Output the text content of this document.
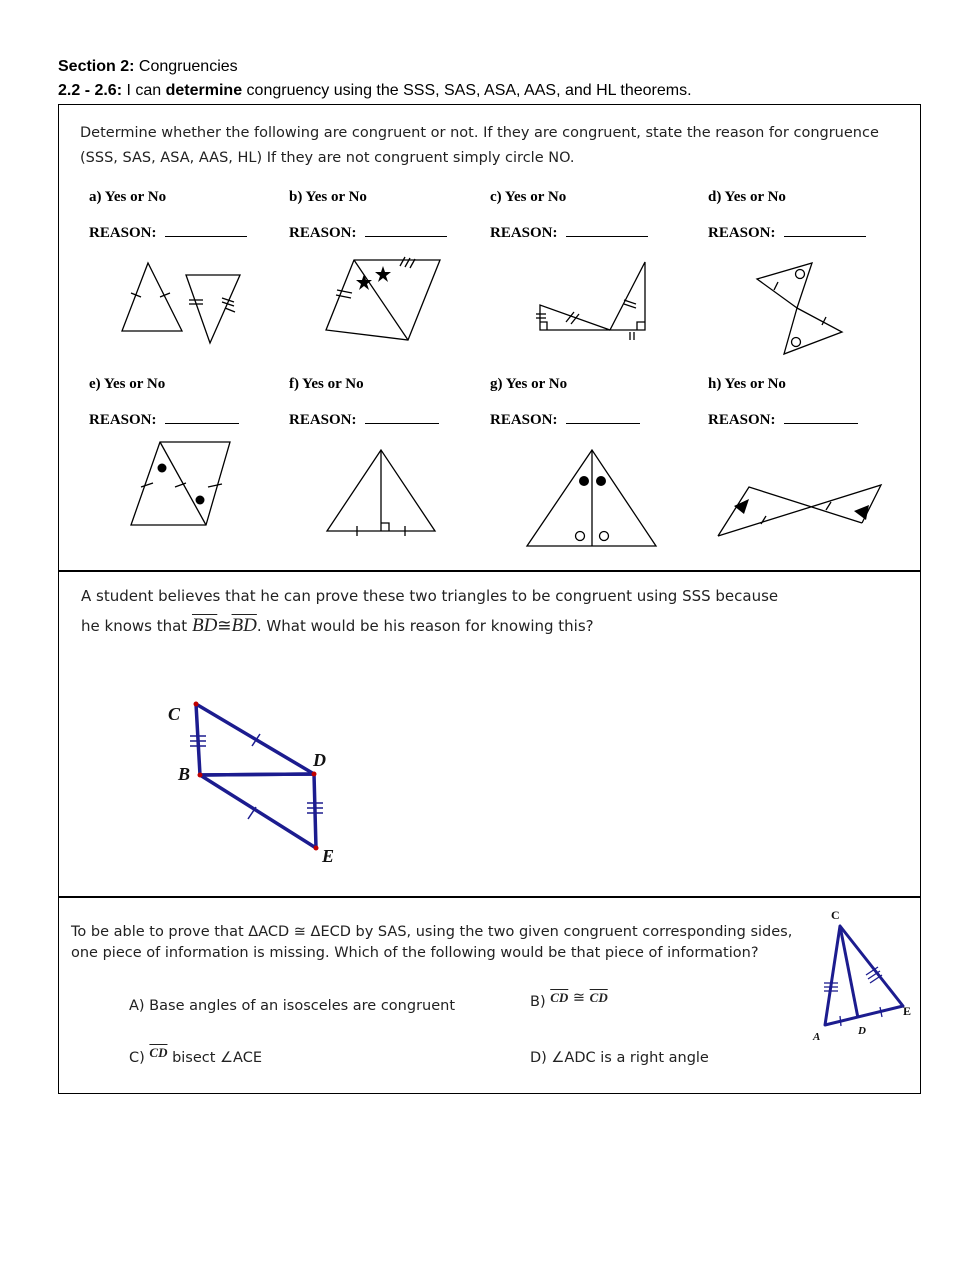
Section 2: Congruencies
2.2 - 2.6: I can determine congruency using the SSS, SAS, ASA, AAS, and HL theorems.
Determine whether the following are congruent or not. If they are congruent, state the reason for congruence
(SSS, SAS, ASA, AAS, HL) If they are not congruent simply circle NO.
a) Yes or No	b) Yes or No	c) Yes or No	d) Yes or No
REASON:	REASON:	REASON:	REASON:
e) Yes or No	f) Yes or No	g) Yes or No	h) Yes or No
REASON:	REASON:	REASON:	REASON:
A student believes that he can prove these two triangles to be congruent using SSS because
he knows that $\overline{BD}≅\overline{BD}$. What would be his reason for knowing this?
C
B
D
E
To be able to prove that ΔACD ≅ ΔECD by SAS, using the two given congruent corresponding sides,
one piece of information is missing. Which of the following would be that piece of information?
A) Base angles of an isosceles are congruent	B) $\overline{CD}$ ≅ $\overline{CD}$
C) $\overline{CD}$ bisect ∠ACE	D) ∠ADC is a right angle
C
A	D
E
